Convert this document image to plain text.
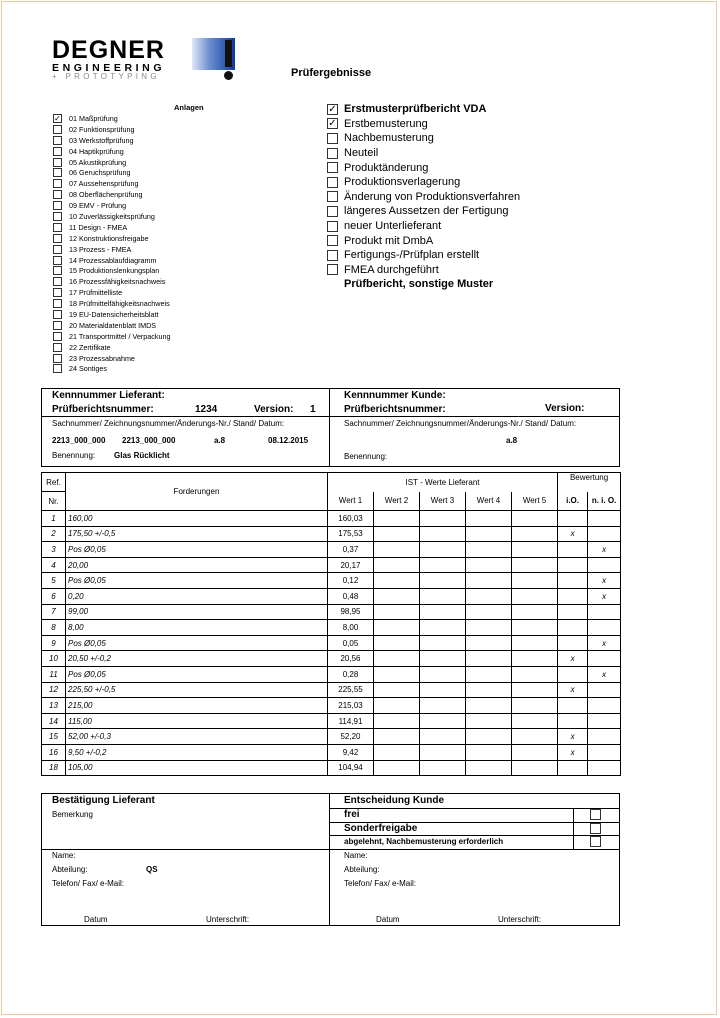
DEGNER
ENGINEERING
+ PROTOTYPING	Prüfergebnisse
Anlagen
✓ 01 Maßprüfung
02 Funktionsprüfung
03 Werkstoffprüfung
04 Haptikprüfung
05 Akustikprüfung
06 Geruchsprüfung
07 Aussehensprüfung
08 Oberflächenprüfung
09 EMV - Prüfung
10 Zuverlässigkeitsprüfung
11 Design - FMEA
12 Konstruktionsfreigabe
13 Prozess - FMEA
14 Prozessablaufdiagramm
15 Produktionslenkungsplan
16 Prozessfähigkeitsnachweis
17 Prüfmittelliste
18 Prüfmittelfähigkeitsnachweis
19 EU-Datensicherheitsblatt
20 Materialdatenblatt IMDS
21 Transportmittel / Verpackung
22 Zertifikate
23 Prozessabnahme
24 Sontiges
✓ Erstmusterprüfbericht VDA
✓ Erstbemusterung
Nachbemusterung
Neuteil
Produktänderung
Produktionsverlagerung
Änderung von Produktionsverfahren
längeres Aussetzen der Fertigung
neuer Unterlieferant
Produkt mit DmbA
Fertigungs-/Prüfplan erstellt
FMEA durchgeführt
Prüfbericht, sonstige Muster
Kennnummer Lieferant:	Kennnummer Kunde:
Prüfberichtsnummer:	1234	Version: 1	Prüfberichtsnummer:	Version:
Sachnummer/ Zeichnungsnummer/Änderungs-Nr./ Stand/ Datum:	Sachnummer/ Zeichnungsnummer/Änderungs-Nr./ Stand/ Datum:
2213_000_000 2213_000_000	a.8	08.12.2015	a.8
Benennung: Glas Rücklicht	Benennung:
Ref.	Forderungen	IST - Werte Lieferant					Bewertung	
Nr.		Wert 1	Wert 2	Wert 3	Wert 4	Wert 5	i.O.	n. i. O.
1	160,00	160,03						
2	175,50 +/-0,5	175,53					x	
3	Pos Ø0,05	0,37						x
4	20,00	20,17						
5	Pos Ø0,05	0,12						x
6	0,20	0,48						x
7	99,00	98,95						
8	8,00	8,00						
9	Pos Ø0,05	0,05						x
10	20,50 +/-0,2	20,56					x	
11	Pos Ø0,05	0,28						x
12	225,50 +/-0,5	225,55					x	
13	215,00	215,03						
14	115,00	114,91						
15	52,00 +/-0,3	52,20					x	
16	9,50 +/-0,2	9,42					x	
18	105,00	104,94						
Bestätigung Lieferant
Bemerkung
Entscheidung Kunde
frei
Sonderfreigabe
abgelehnt, Nachbemusterung erforderlich
Name:
Abteilung:	QS
Telefon/ Fax/ e-Mail:
Datum	Unterschrift:
Name:
Abteilung:
Telefon/ Fax/ e-Mail:
Datum	Unterschrift:
